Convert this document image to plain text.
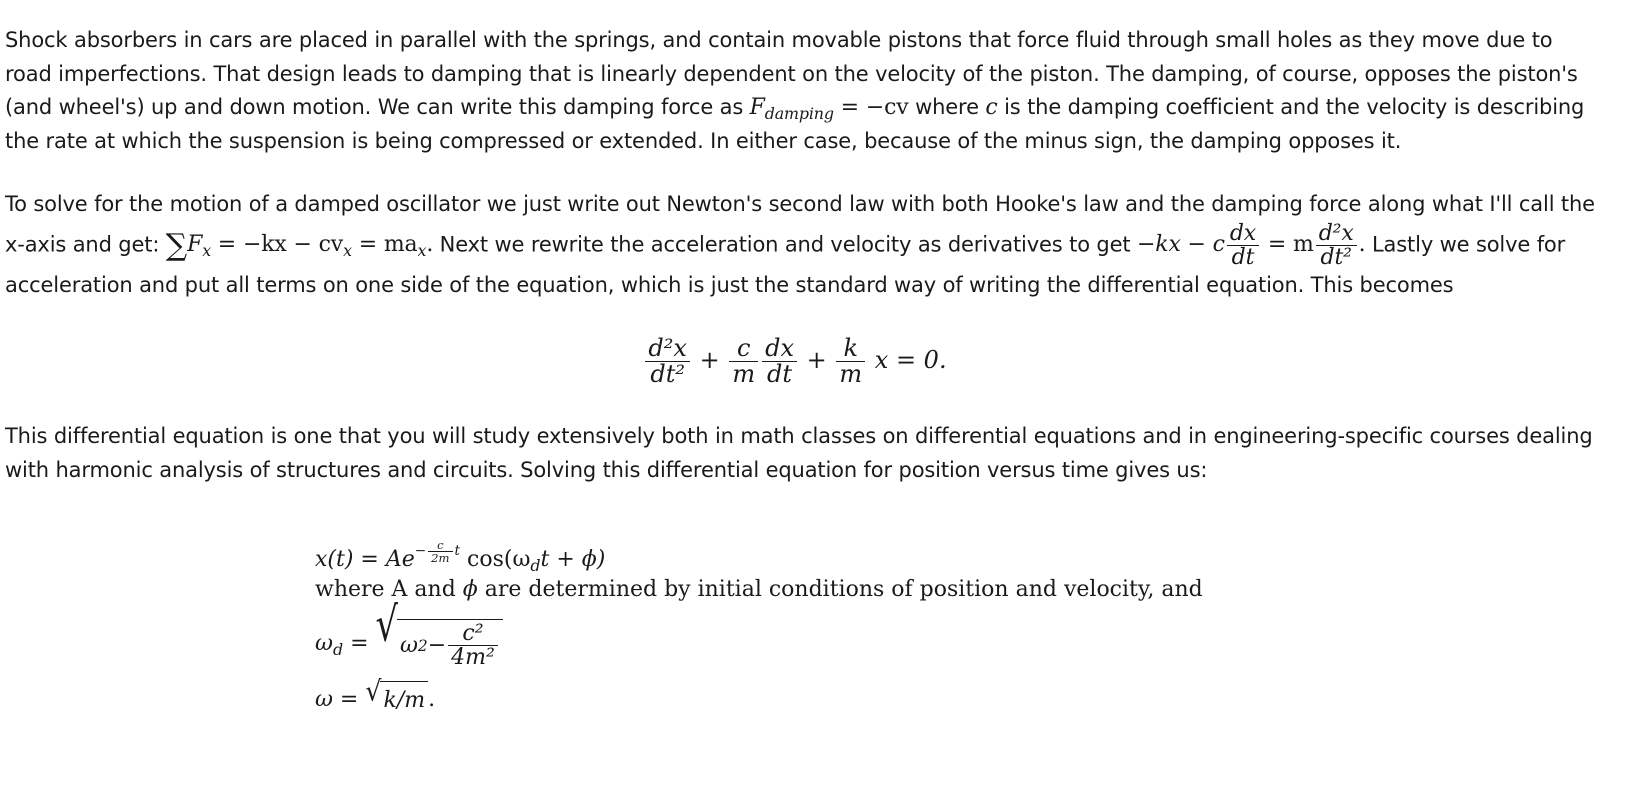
Shock absorbers in cars are placed in parallel with the springs, and contain movable pistons that force fluid through small holes as they move due to road imperfections. That design leads to damping that is linearly dependent on the velocity of the piston. The damping, of course, opposes the piston's (and wheel's) up and down motion. We can write this damping force as $F_{damping} = -cv$ where c is the damping coefficient and the velocity is describing the rate at which the suspension is being compressed or extended. In either case, because of the minus sign, the damping opposes it.

To solve for the motion of a damped oscillator we just write out Newton's second law with both Hooke's law and the damping force along what I'll call the x-axis and get: $\sum F_x = -kx - cv_x = ma_x$. Next we rewrite the acceleration and velocity as derivatives to get −kx − c $\frac{dx}{dt} = m \frac{\text{d²x}}{\text{dt²}}$ . Lastly we solve for acceleration and put all terms on one side of the equation, which is just the standard way of writing the differential equation. This becomes

$\frac{\text{d²x}}{\text{dt²}} + \frac{c}{m} \frac{dx}{dt} + \frac{k}{m}$ x = 0.

This differential equation is one that you will study extensively both in math classes on differential equations and in engineering-specific courses dealing with harmonic analysis of structures and circuits. Solving this differential equation for position versus time gives us:

$x(t) = Ae- \frac{c}{2m}$ t $\cos(\omega_dt + \phi)$
where A and ϕ are determined by initial conditions of position and velocity, and
$\omega_d$ = √ ω $2 - \frac{\text{c²}}{\text{4m²}}$
ω = √ k/m .
